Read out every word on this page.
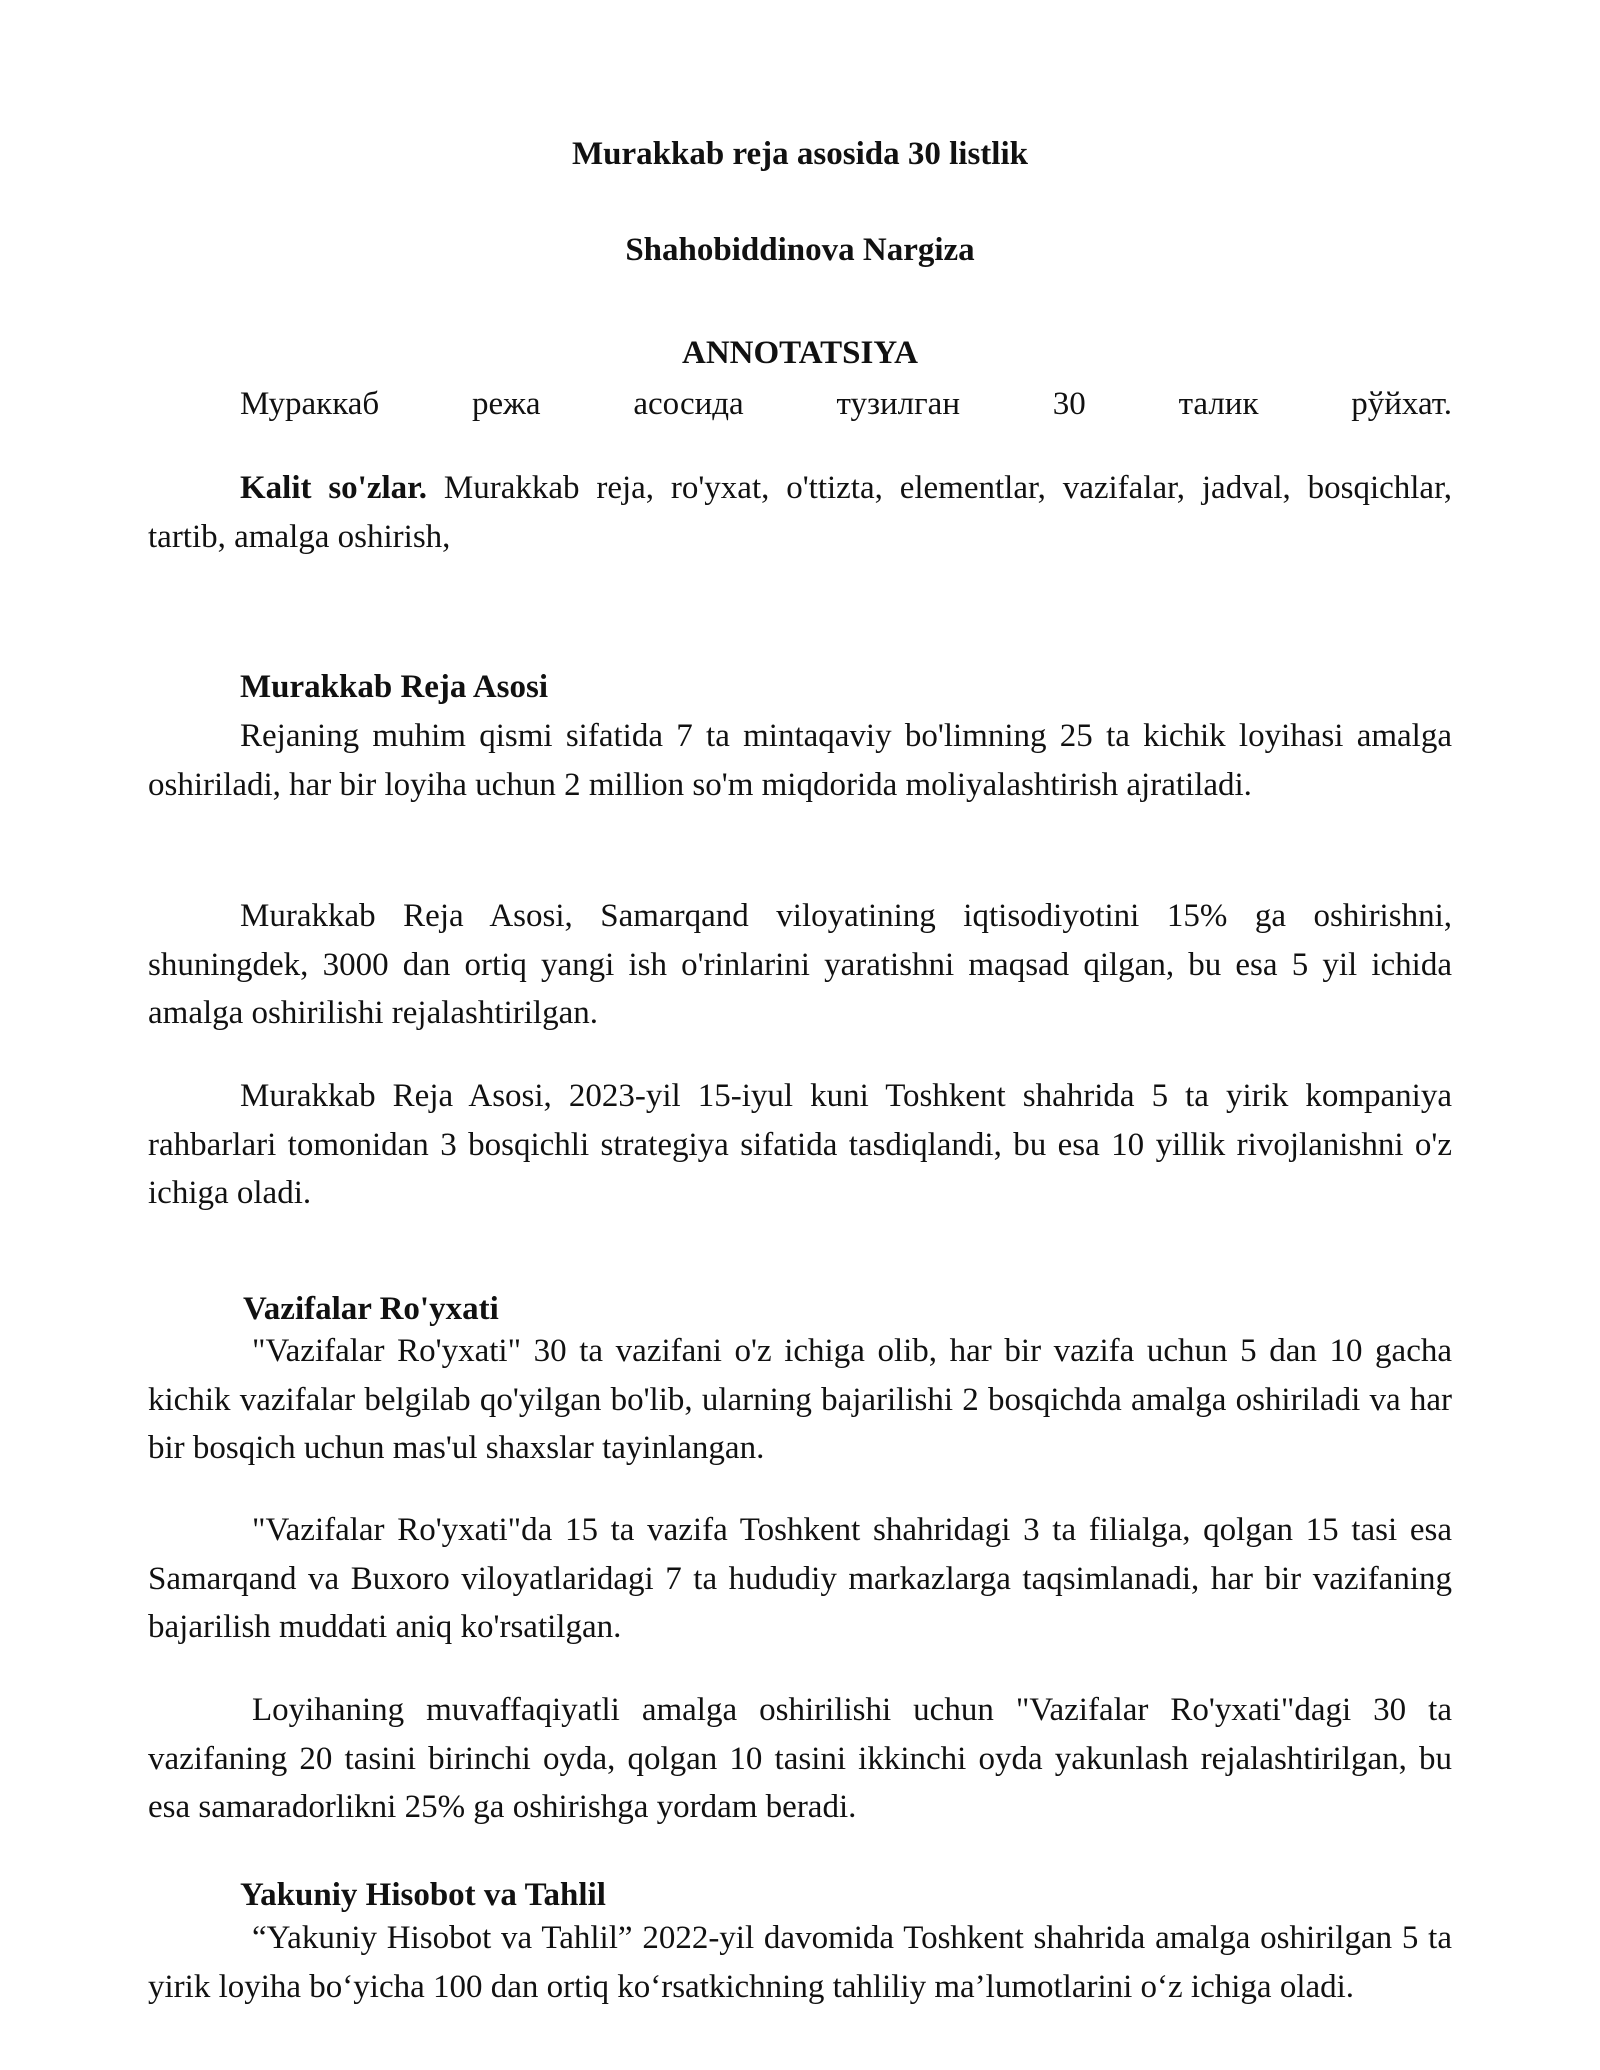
Murakkab reja asosida 30 listlik
Shahobiddinova Nargiza
ANNOTATSIYA
Мураккаб	режа	асосида	тузилган	30	талик	рўйхат.

Kalit so'zlar. Murakkab reja, ro'yxat, o'ttizta, elementlar, vazifalar, jadval, bosqichlar, tartib, amalga oshirish,

Murakkab Reja Asosi

Rejaning muhim qismi sifatida 7 ta mintaqaviy bo'limning 25 ta kichik loyihasi amalga oshiriladi, har bir loyiha uchun 2 million so'm miqdorida moliyalashtirish ajratiladi.

Murakkab Reja Asosi, Samarqand viloyatining iqtisodiyotini 15% ga oshirishni, shuningdek, 3000 dan ortiq yangi ish o'rinlarini yaratishni maqsad qilgan, bu esa 5 yil ichida amalga oshirilishi rejalashtirilgan.

Murakkab Reja Asosi, 2023-yil 15-iyul kuni Toshkent shahrida 5 ta yirik kompaniya rahbarlari tomonidan 3 bosqichli strategiya sifatida tasdiqlandi, bu esa 10 yillik rivojlanishni o'z ichiga oladi.

Vazifalar Ro'yxati

"Vazifalar Ro'yxati" 30 ta vazifani o'z ichiga olib, har bir vazifa uchun 5 dan 10 gacha kichik vazifalar belgilab qo'yilgan bo'lib, ularning bajarilishi 2 bosqichda amalga oshiriladi va har bir bosqich uchun mas'ul shaxslar tayinlangan.

"Vazifalar Ro'yxati"da 15 ta vazifa Toshkent shahridagi 3 ta filialga, qolgan 15 tasi esa Samarqand va Buxoro viloyatlaridagi 7 ta hududiy markazlarga taqsimlanadi, har bir vazifaning bajarilish muddati aniq ko'rsatilgan.

Loyihaning muvaffaqiyatli amalga oshirilishi uchun "Vazifalar Ro'yxati"dagi 30 ta vazifaning 20 tasini birinchi oyda, qolgan 10 tasini ikkinchi oyda yakunlash rejalashtirilgan, bu esa samaradorlikni 25% ga oshirishga yordam beradi.

Yakuniy Hisobot va Tahlil

“Yakuniy Hisobot va Tahlil” 2022-yil davomida Toshkent shahrida amalga oshirilgan 5 ta yirik loyiha bo‘yicha 100 dan ortiq ko‘rsatkichning tahliliy ma’lumotlarini o‘z ichiga oladi.
